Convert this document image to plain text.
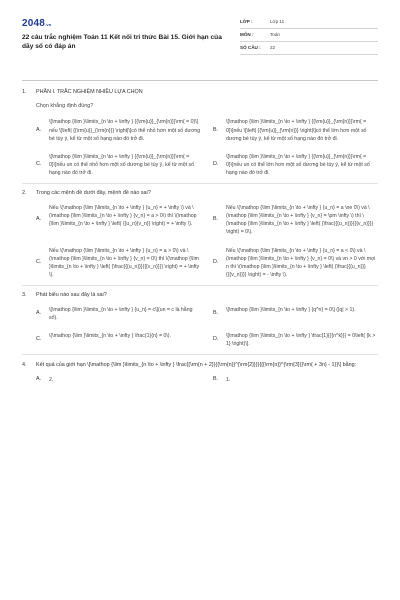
2048.vn
22 câu trắc nghiệm Toán 11 Kết nối tri thức Bài 15. Giới hạn của dãy số có đáp án
LỚP :	Lớp 11
MÔN :	Toán
SỐ CÂU :	22
1.	PHẦN I. TRẮC NGHIỆM NHIỀU LỰA CHỌN
Chọn khẳng định đúng?
A.
\[\mathop {\lim }\limits_{n \to + \infty } {{\rm{u}}_{\rm{n}}}\rm{ = 0}\] nếu \[\left| {{\rm{u}}_{\rm{n}}} \right|\]có thể nhỏ hơn một số dương bé tùy ý, kể từ một số hạng nào đó trở đi.
B.
\[\mathop {\lim }\limits_{n \to + \infty } {{\rm{u}}_{\rm{n}}}\rm{ = 0}\]nếu \[\left| {{\rm{u}}_{\rm{n}}} \right|\]có thể lớn hơn một số dương bé tùy ý, kể từ một số hạng nào đó trở đi.
C.
\[\mathop {\lim }\limits_{n \to + \infty } {{\rm{u}}_{\rm{n}}}\rm{ = 0}\]nếu un có thể nhỏ hơn một số dương bé tùy ý, kể từ một số hạng nào đó trở đi.
D.
\[\mathop {\lim }\limits_{n \to + \infty } {{\rm{u}}_{\rm{n}}}\rm{ = 0}\]nếu un có thể lớn hơn một số dương bé tùy ý, kể từ một số hạng nào đó trở đi.
2.	Trong các mệnh đề dưới đây, mệnh đề nào sai?
A.
Nếu \(\mathop {\lim }\limits_{n \to + \infty } {u_n} = + \infty \) và \(\mathop {\lim }\limits_{n \to + \infty } {v_n} = a > 0\) thì \(\mathop {\lim }\limits_{n \to + \infty } \left( {{u_n}{v_n}} \right) = + \infty \).
B.
Nếu \(\mathop {\lim }\limits_{n \to + \infty } {u_n} = a \ne 0\) và \(\mathop {\lim }\limits_{n \to + \infty } {v_n} = \pm \infty \) thì \(\mathop {\lim }\limits_{n \to + \infty } \left( {\frac{{{u_n}}}{{{v_n}}}} \right) = 0\).
C.
Nếu \(\mathop {\lim }\limits_{n \to + \infty } {u_n} = a > 0\) và \(\mathop {\lim }\limits_{n \to + \infty } {v_n} = 0\) thì \(\mathop {\lim }\limits_{n \to + \infty } \left( {\frac{{{u_n}}}{{{v_n}}}} \right) = + \infty \).
D.
Nếu \(\mathop {\lim }\limits_{n \to + \infty } {u_n} = a < 0\) và \(\mathop {\lim }\limits_{n \to + \infty } {v_n} = 0\) và vn > 0 với mọi n thì \(\mathop {\lim }\limits_{n \to + \infty } \left( {\frac{{{u_n}}}{{{v_n}}}} \right) = - \infty \).
3.	Phát biểu nào sau đây là sai?
A.
\[\mathop {\lim }\limits_{n \to + \infty } {u_n} = c\](un = c là hằng số).
B.
\[\mathop {\lim }\limits_{n \to + \infty } {q^n} = 0\] (|q| > 1).
C.
\(\mathop {\lim }\limits_{n \to + \infty } \frac{1}{n} = 0\).
D.
\[\mathop {\lim }\limits_{n \to + \infty } \frac{1}{{{n^k}}} = 0\left( {k > 1} \right)\].
4.	Kết quả của giới hạn \[\mathop {\lim }\limits_{n \to + \infty } \frac{{\rm{n + 2}}{{\rm{n}}^{\rm{2}}}}{{{\rm{n}}^{\rm{3}}}\rm{ + 3n} - 1}}\] bằng:
A.	2.	B.	1.
